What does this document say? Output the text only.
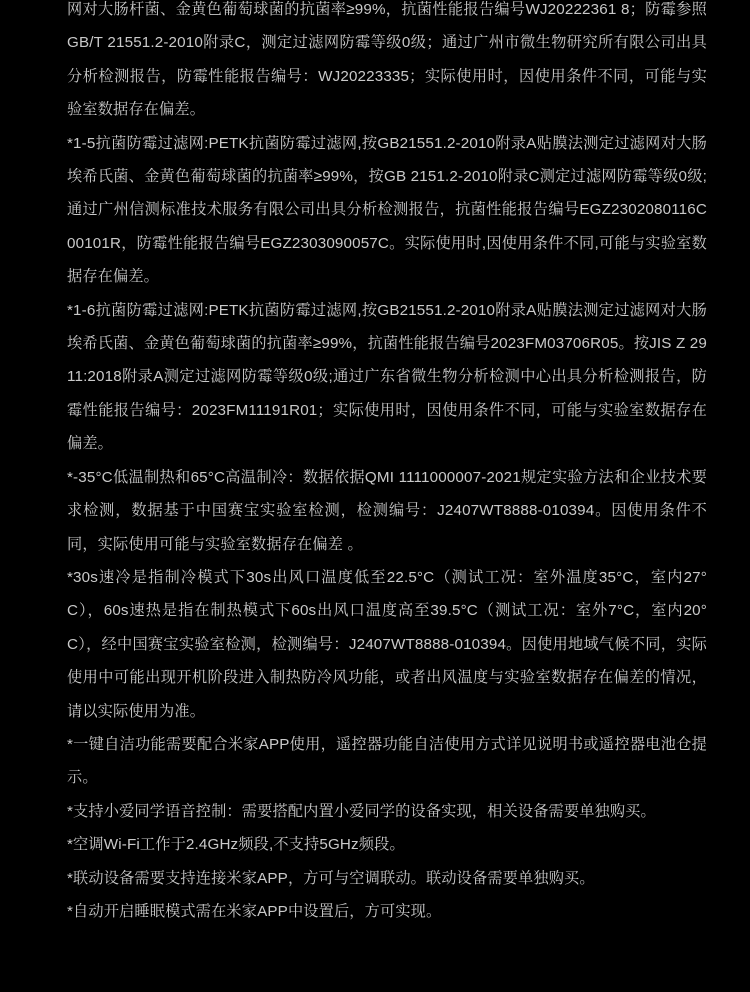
网对大肠杆菌、金黄色葡萄球菌的抗菌率≥99%，抗菌性能报告编号WJ20222361 8；防霉参照GB/T 21551.2-2010附录C，测定过滤网防霉等级0级；通过广州市微生物研究所有限公司出具分析检测报告，防霉性能报告编号：WJ20223335；实际使用时，因使用条件不同，可能与实验室数据存在偏差。

*1-5抗菌防霉过滤网:PETK抗菌防霉过滤网,按GB21551.2-2010附录A贴膜法测定过滤网对大肠埃希氏菌、金黄色葡萄球菌的抗菌率≥99%，按GB 2151.2-2010附录C测定过滤网防霉等级0级;通过广州信测标准技术服务有限公司出具分析检测报告，抗菌性能报告编号EGZ2302080116C00101R，防霉性能报告编号EGZ2303090057C。实际使用时,因使用条件不同,可能与实验室数据存在偏差。

*1-6抗菌防霉过滤网:PETK抗菌防霉过滤网,按GB21551.2-2010附录A贴膜法测定过滤网对大肠埃希氏菌、金黄色葡萄球菌的抗菌率≥99%，抗菌性能报告编号2023FM03706R05。按JIS Z 2911:2018附录A测定过滤网防霉等级0级;通过广东省微生物分析检测中心出具分析检测报告，防霉性能报告编号：2023FM11191R01；实际使用时，因使用条件不同，可能与实验室数据存在偏差。

*-35°C低温制热和65°C高温制冷：数据依据QMI 1111000007-2021规定实验方法和企业技术要求检测，数据基于中国赛宝实验室检测，检测编号：J2407WT8888-010394。因使用条件不同，实际使用可能与实验室数据存在偏差 。

*30s速冷是指制冷模式下30s出风口温度低至22.5°C（测试工况：室外温度35°C，室内27°C），60s速热是指在制热模式下60s出风口温度高至39.5°C（测试工况：室外7°C，室内20°C），经中国赛宝实验室检测，检测编号：J2407WT8888-010394。因使用地域气候不同，实际使用中可能出现开机阶段进入制热防冷风功能，或者出风温度与实验室数据存在偏差的情况，请以实际使用为准。

*一键自洁功能需要配合米家APP使用，遥控器功能自洁使用方式详见说明书或遥控器电池仓提示。

*支持小爱同学语音控制：需要搭配内置小爱同学的设备实现，相关设备需要单独购买。

*空调Wi-Fi工作于2.4GHz频段,不支持5GHz频段。

*联动设备需要支持连接米家APP，方可与空调联动。联动设备需要单独购买。

*自动开启睡眠模式需在米家APP中设置后，方可实现。
